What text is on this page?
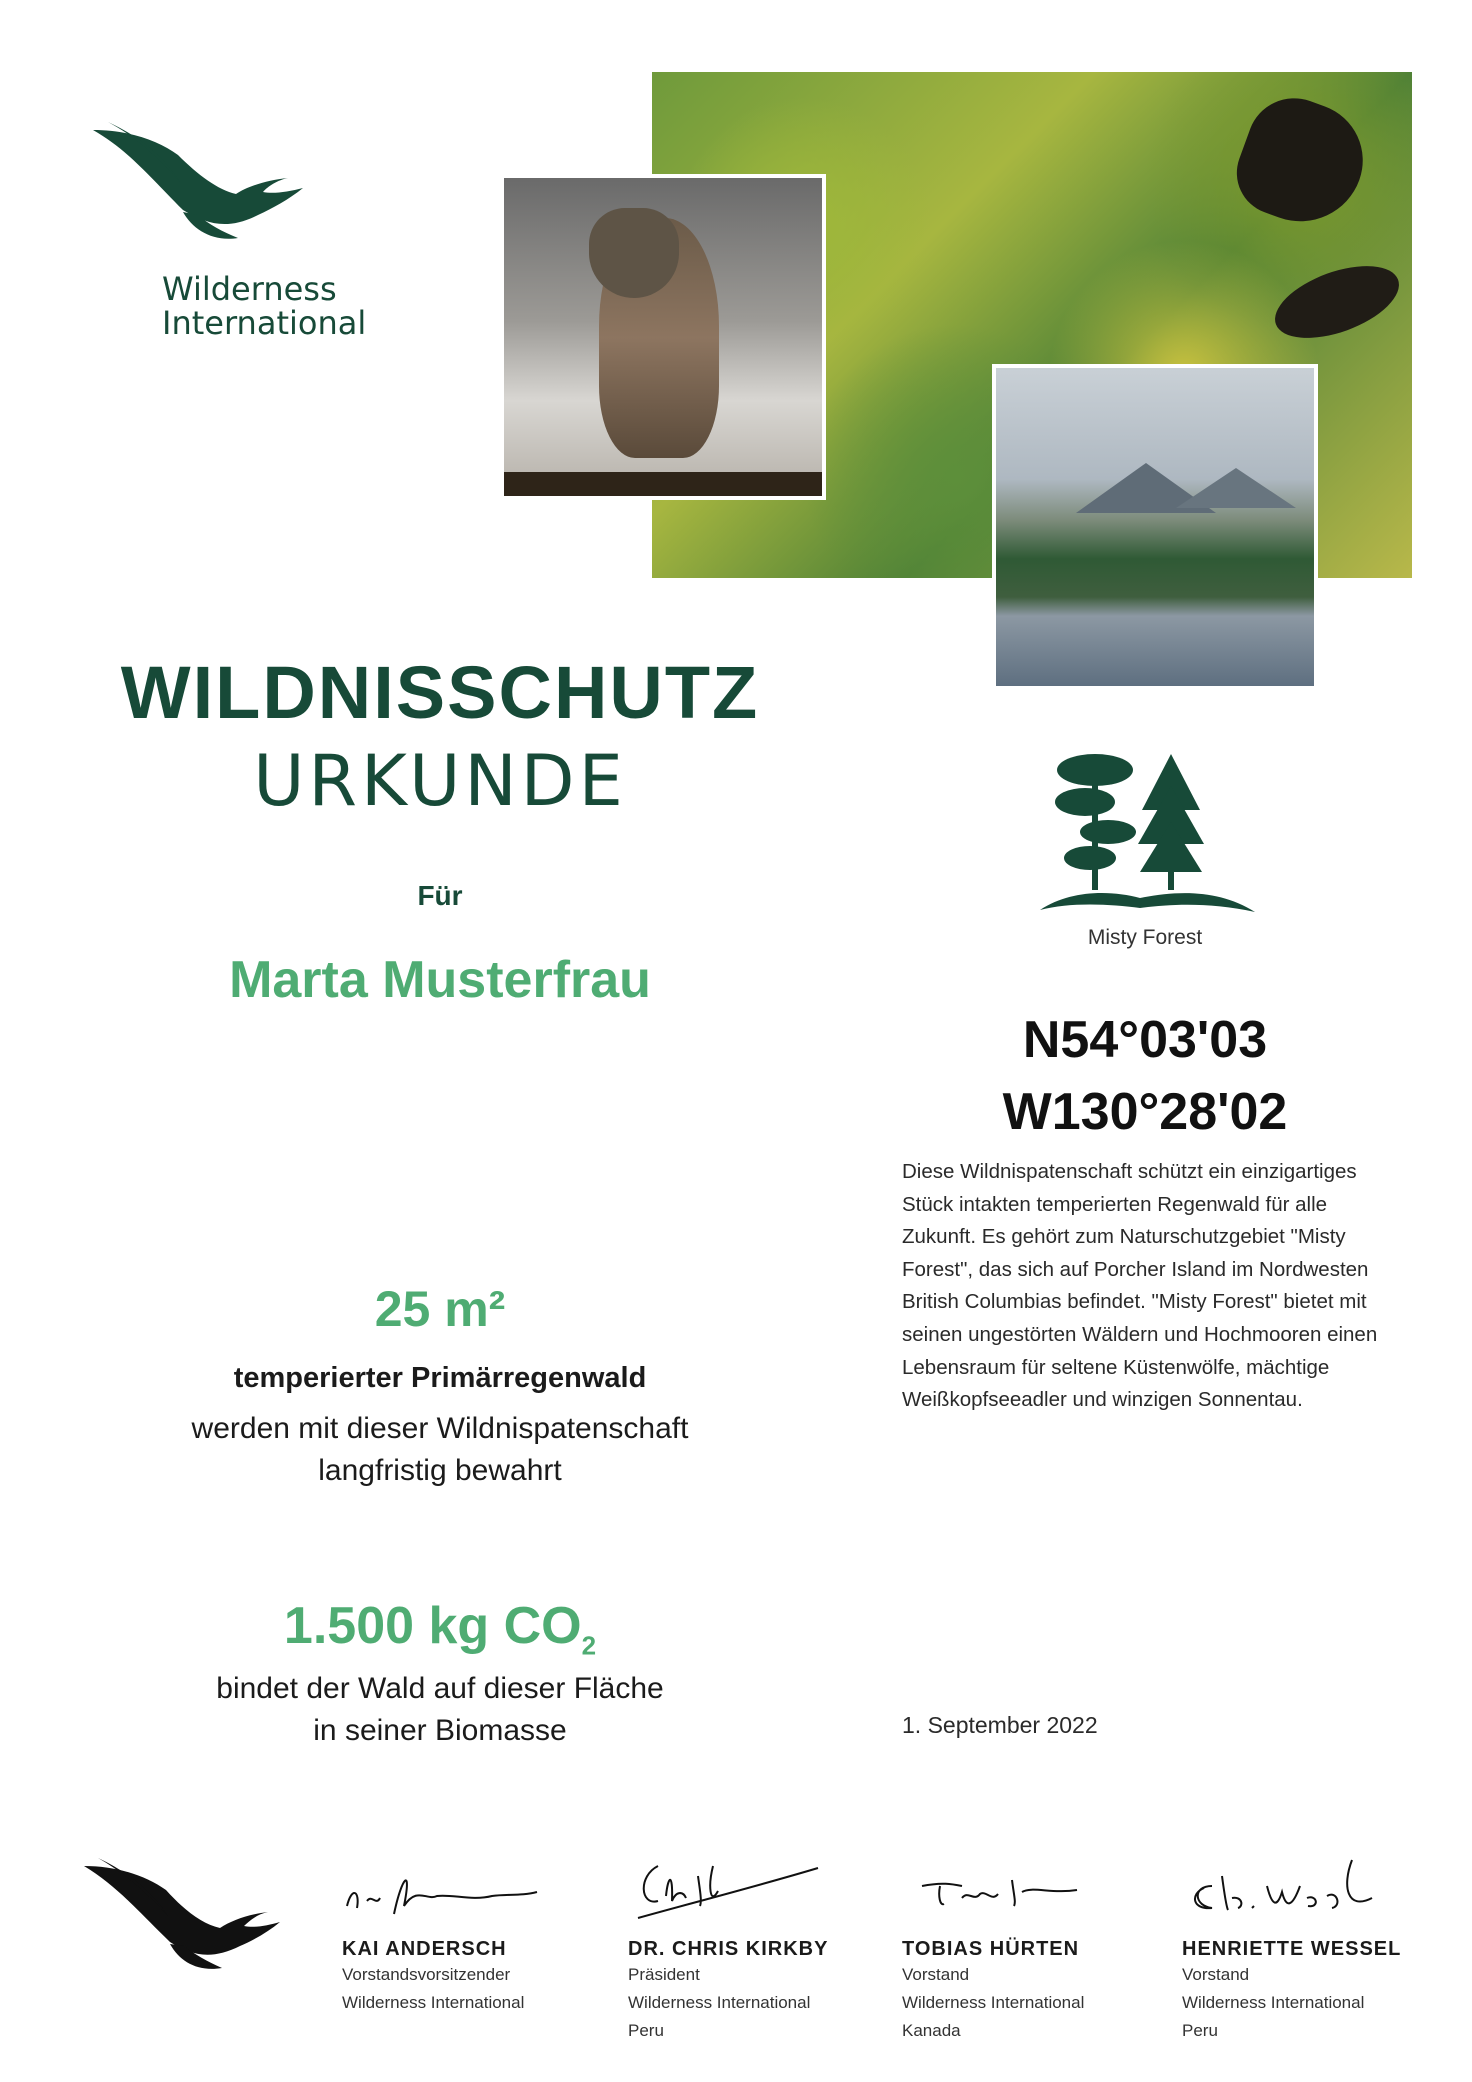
Wilderness
International
WILDNISSCHUTZ
URKUNDE
Für
Marta Musterfrau
25 m²
temperierter Primärregenwald
werden mit dieser Wildnispatenschaft
langfristig bewahrt
1.500 kg $CO_2$
bindet der Wald auf dieser Fläche
in seiner Biomasse
Misty Forest
N54°03'03
W130°28'02
Diese Wildnispatenschaft schützt ein einzigartiges Stück intakten temperierten Regenwald für alle Zukunft. Es gehört zum Naturschutzgebiet "Misty Forest", das sich auf Porcher Island im Nordwesten British Columbias befindet. "Misty Forest" bietet mit seinen ungestörten Wäldern und Hochmooren einen Lebensraum für seltene Küstenwölfe, mächtige Weißkopfseeadler und winzigen Sonnentau.
1. September 2022
KAI ANDERSCH
Vorstandsvorsitzender
Wilderness International
DR. CHRIS KIRKBY
Präsident
Wilderness International
Peru
TOBIAS HÜRTEN
Vorstand
Wilderness International
Kanada
HENRIETTE WESSEL
Vorstand
Wilderness International
Peru
